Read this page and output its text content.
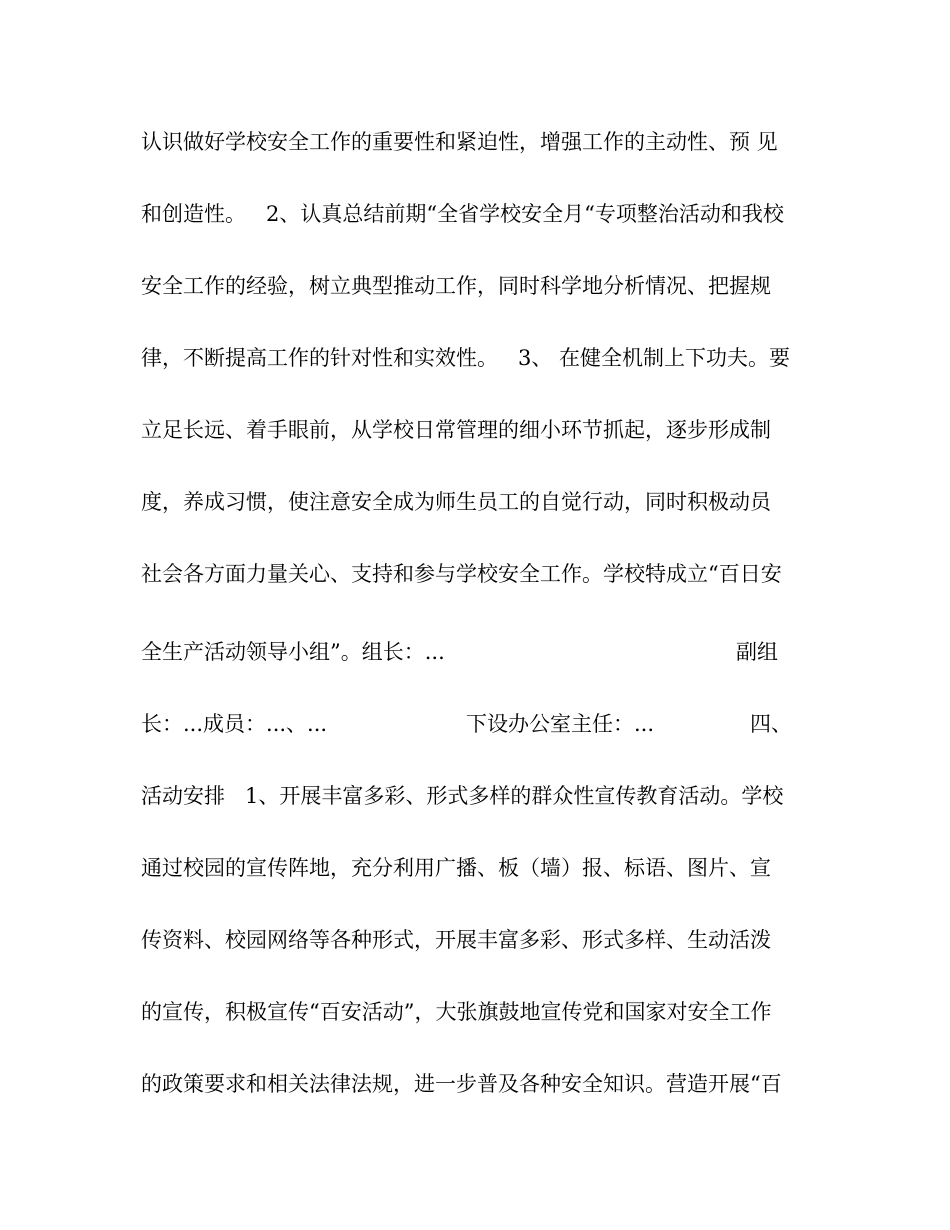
认识做好学校安全工作的重要性和紧迫性，增强工作的主动性、预 见
和创造性。   2、认真总结前期“全省学校安全月“专项整治活动和我校
安全工作的经验，树立典型推动工作，同时科学地分析情况、把握规
律，不断提高工作的针对性和实效性。   3、 在健全机制上下功夫。要
立足长远、着手眼前，从学校日常管理的细小环节抓起，逐步形成制
度，养成习惯，使注意安全成为师生员工的自觉行动，同时积极动员
社会各方面力量关心、支持和参与学校安全工作。学校特成立“百日安

全生产活动领导小组”。组长：...

	副组

长：...成员：...、...

	下设办公室主任：...

	四、

活动安排   1、开展丰富多彩、形式多样的群众性宣传教育活动。学校
通过校园的宣传阵地，充分利用广播、板（墙）报、标语、图片、宣
传资料、校园网络等各种形式，开展丰富多彩、形式多样、生动活泼
的宣传，积极宣传“百安活动”，大张旗鼓地宣传党和国家对安全工作
的政策要求和相关法律法规，进一步普及各种安全知识。营造开展“百
